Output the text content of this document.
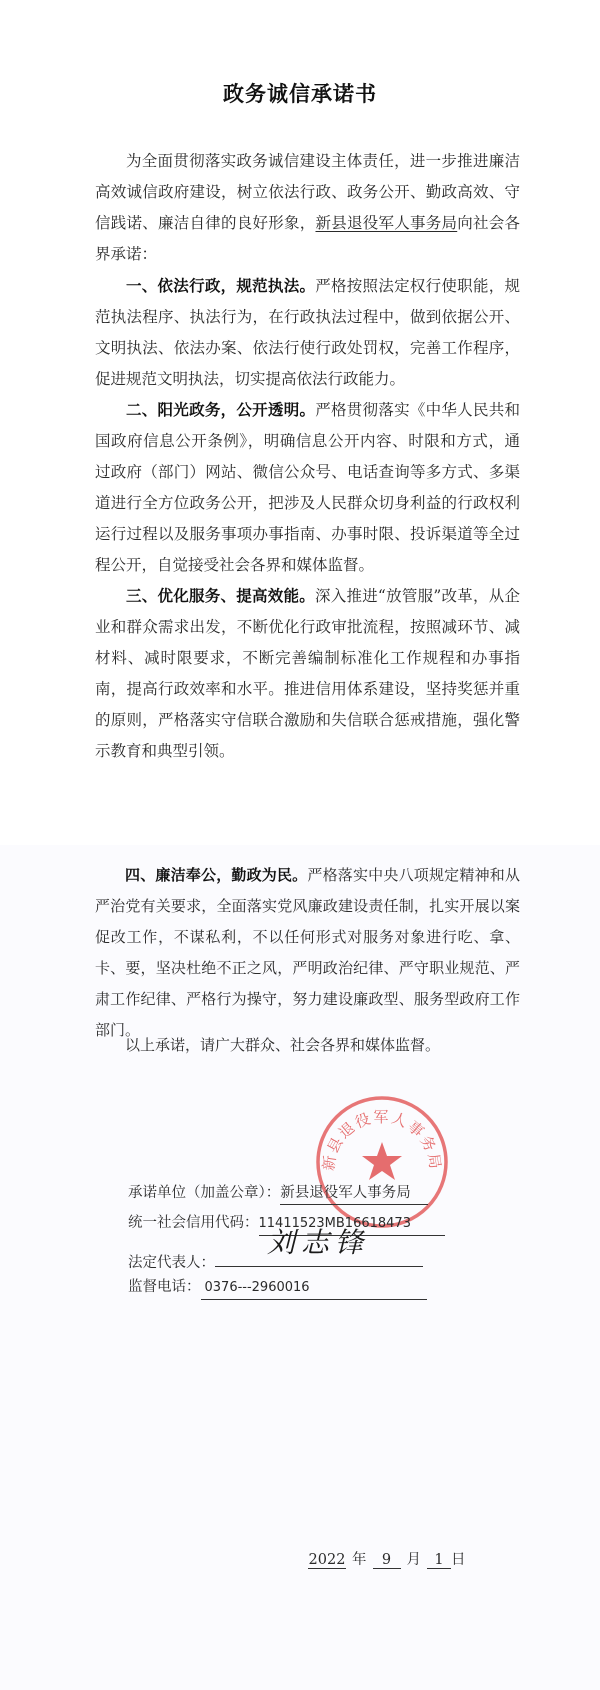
政务诚信承诺书

为全面贯彻落实政务诚信建设主体责任，进一步推进廉洁高效诚信政府建设，树立依法行政、政务公开、勤政高效、守信践诺、廉洁自律的良好形象，新县退役军人事务局向社会各界承诺：

一、依法行政，规范执法。严格按照法定权行使职能，规范执法程序、执法行为，在行政执法过程中，做到依据公开、文明执法、依法办案、依法行使行政处罚权，完善工作程序，促进规范文明执法，切实提高依法行政能力。

二、阳光政务，公开透明。严格贯彻落实《中华人民共和国政府信息公开条例》，明确信息公开内容、时限和方式，通过政府（部门）网站、微信公众号、电话查询等多方式、多渠道进行全方位政务公开，把涉及人民群众切身利益的行政权利运行过程以及服务事项办事指南、办事时限、投诉渠道等全过程公开，自觉接受社会各界和媒体监督。

三、优化服务、提高效能。深入推进“放管服”改革，从企业和群众需求出发，不断优化行政审批流程，按照减环节、减材料、减时限要求，不断完善编制标准化工作规程和办事指南，提高行政效率和水平。推进信用体系建设，坚持奖惩并重的原则，严格落实守信联合激励和失信联合惩戒措施，强化警示教育和典型引领。

四、廉洁奉公，勤政为民。严格落实中央八项规定精神和从严治党有关要求，全面落实党风廉政建设责任制，扎实开展以案促改工作，不谋私利，不以任何形式对服务对象进行吃、拿、卡、要，坚决杜绝不正之风，严明政治纪律、严守职业规范、严肃工作纪律、严格行为操守，努力建设廉政型、服务型政府工作部门。

以上承诺，请广大群众、社会各界和媒体监督。

新县退役军人事务局
承诺单位（加盖公章）：新县退役军人事务局
统一社会信用代码：11411523MB16618473
法定代表人：
刘志锋
监督电话： 0376---2960016
2022 年 9 月 1 日
